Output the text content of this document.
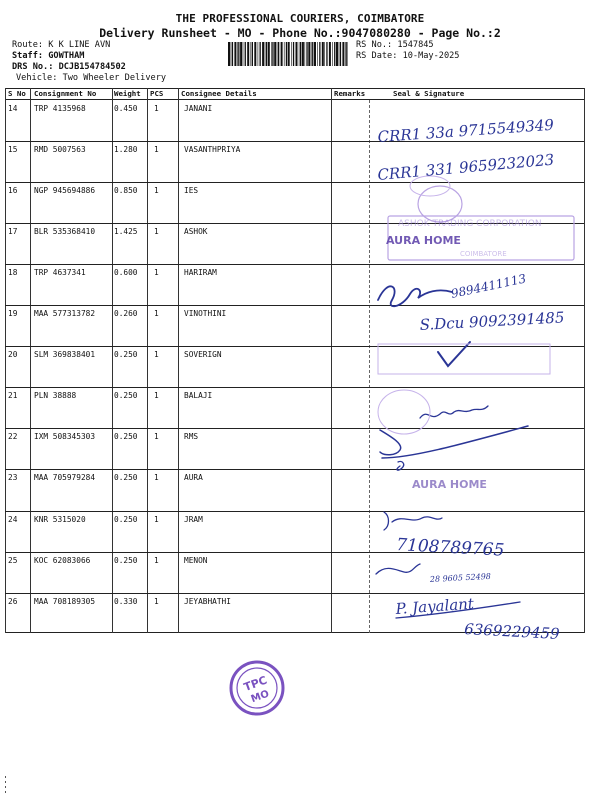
THE PROFESSIONAL COURIERS, COIMBATORE
Delivery Runsheet - MO - Phone No.:9047080280 - Page No.:2
Route: K K LINE AVN
Staff: GOWTHAM
DRS No.: DCJB154784502
Vehicle: Two Wheeler Delivery
RS No.: 1547845
RS Date: 10-May-2025
S No Consignment No Weight PCS Consignee Details	Remarks	Seal & Signature
14 TRP 4135968	0.450 1	JANANI
15 RMD 5007563	1.280 1	VASANTHPRIYA
16 NGP 945694886 0.850 1	IES
17 BLR 535368410 1.425 1	ASHOK
18 TRP 4637341	0.600 1	HARIRAM
19 MAA 577313782 0.260 1	VINOTHINI
20 SLM 369838401 0.250 1	SOVERIGN
21 PLN 38888	0.250 1	BALAJI
22 IXM 508345303 0.250 1	RMS
23 MAA 705979284 0.250 1	AURA
24 KNR 5315020	0.250 1	JRAM
25 KOC 62083066	0.250 1	MENON
26 MAA 708189305 0.330 1	JEYABHATHI
ASHOK TRADING CORPORATION
COIMBATORE
AURA HOME
AURA HOME
CRR1 33a 9715549349
CRR1 331 9659232023
9894411113
S.Dcu 9092391485
7108789765
28 9605 52498
P. Jayalant
6369229459
TPC
MO
